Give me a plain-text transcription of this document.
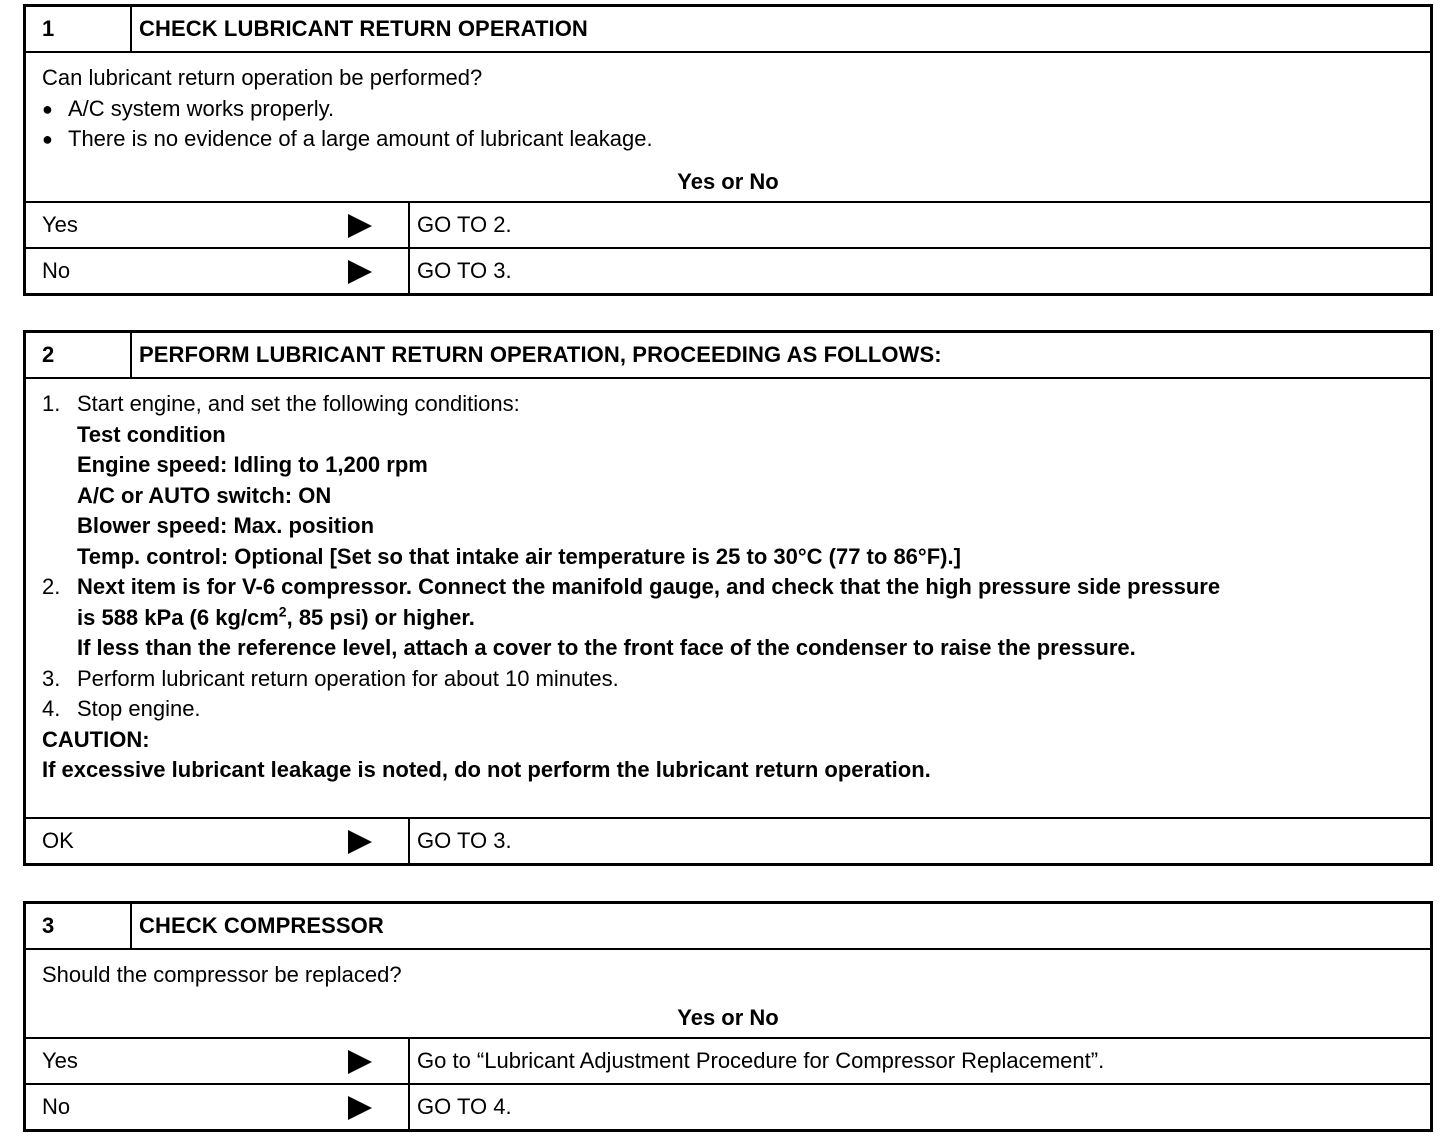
1	CHECK LUBRICANT RETURN OPERATION
Can lubricant return operation be performed?
● A/C system works properly.
● There is no evidence of a large amount of lubricant leakage.
Yes or No
Yes	GO TO 2.
No	GO TO 3.
2	PERFORM LUBRICANT RETURN OPERATION, PROCEEDING AS FOLLOWS:
1. Start engine, and set the following conditions:
Test condition
Engine speed: Idling to 1,200 rpm
A/C or AUTO switch: ON
Blower speed: Max. position
Temp. control: Optional [Set so that intake air temperature is 25 to 30°C (77 to 86°F).]
2. Next item is for V-6 compressor. Connect the manifold gauge, and check that the high pressure side pressure
is 588 kPa (6 $kg/cm^2$, 85 psi) or higher.
If less than the reference level, attach a cover to the front face of the condenser to raise the pressure.
3. Perform lubricant return operation for about 10 minutes.
4. Stop engine.
CAUTION:
If excessive lubricant leakage is noted, do not perform the lubricant return operation.
OK	GO TO 3.
3	CHECK COMPRESSOR
Should the compressor be replaced?
Yes or No
Yes	Go to “Lubricant Adjustment Procedure for Compressor Replacement”.
No	GO TO 4.
